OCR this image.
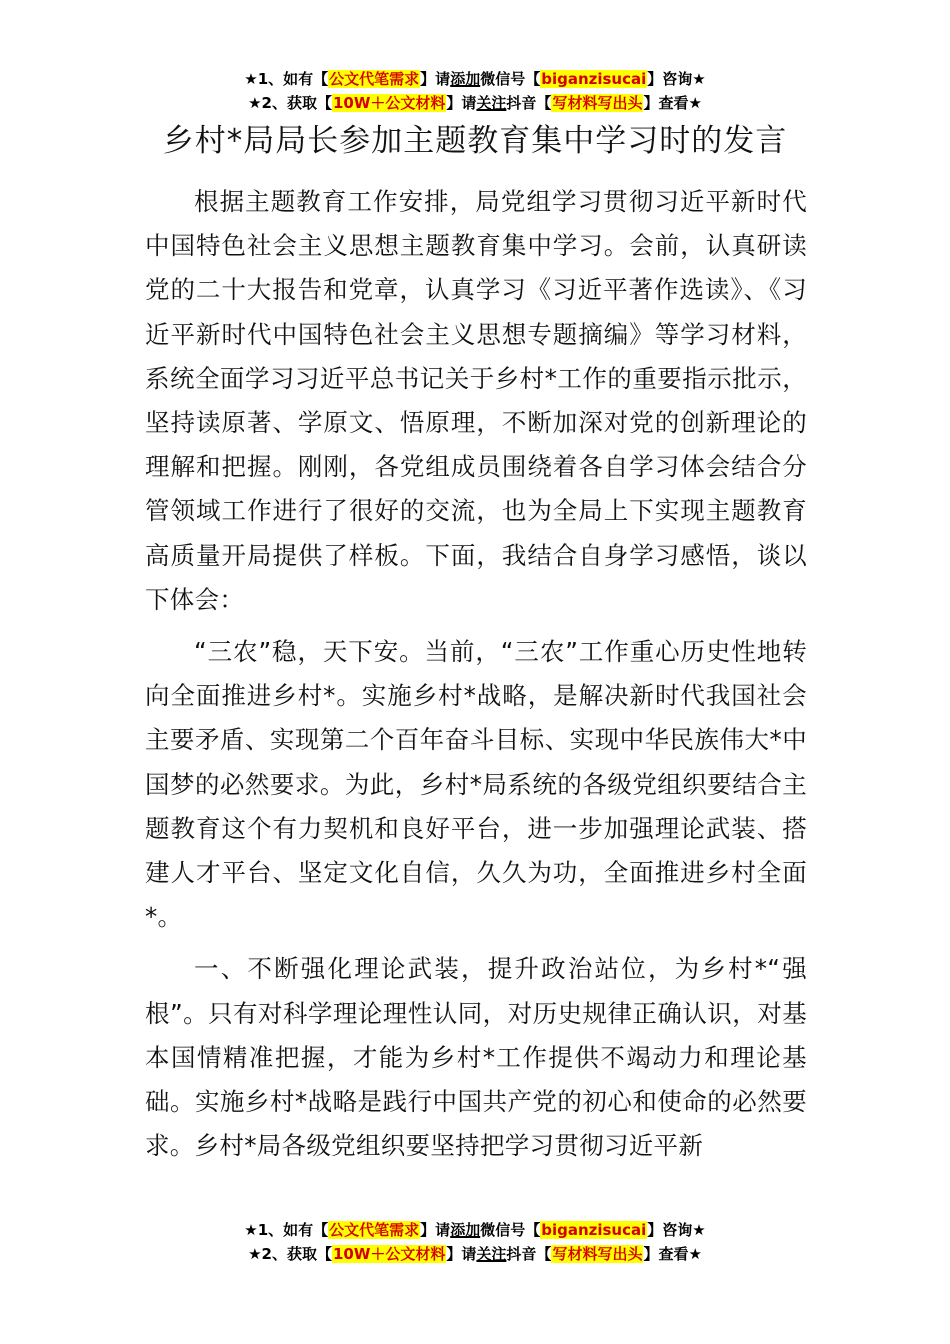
★1、如有【公文代笔需求】请添加微信号【biganzisucai】咨询★
★2、获取【10W＋公文材料】请关注抖音【写材料写出头】查看★
乡村*局局长参加主题教育集中学习时的发言

根据主题教育工作安排，局党组学习贯彻习近平新时代中国特色社会主义思想主题教育集中学习。会前，认真研读党的二十大报告和党章，认真学习《习近平著作选读》、《习近平新时代中国特色社会主义思想专题摘编》等学习材料，系统全面学习习近平总书记关于乡村*工作的重要指示批示，坚持读原著、学原文、悟原理，不断加深对党的创新理论的理解和把握。刚刚，各党组成员围绕着各自学习体会结合分管领域工作进行了很好的交流，也为全局上下实现主题教育高质量开局提供了样板。下面，我结合自身学习感悟，谈以下体会：

“三农”稳，天下安。当前，“三农”工作重心历史性地转向全面推进乡村*。实施乡村*战略，是解决新时代我国社会主要矛盾、实现第二个百年奋斗目标、实现中华民族伟大*中国梦的必然要求。为此，乡村*局系统的各级党组织要结合主题教育这个有力契机和良好平台，进一步加强理论武装、搭建人才平台、坚定文化自信，久久为功，全面推进乡村全面*。

一、不断强化理论武装，提升政治站位，为乡村*“强根”。只有对科学理论理性认同，对历史规律正确认识，对基本国情精准把握，才能为乡村*工作提供不竭动力和理论基础。实施乡村*战略是践行中国共产党的初心和使命的必然要求。乡村*局各级党组织要坚持把学习贯彻习近平新

★1、如有【公文代笔需求】请添加微信号【biganzisucai】咨询★
★2、获取【10W＋公文材料】请关注抖音【写材料写出头】查看★
